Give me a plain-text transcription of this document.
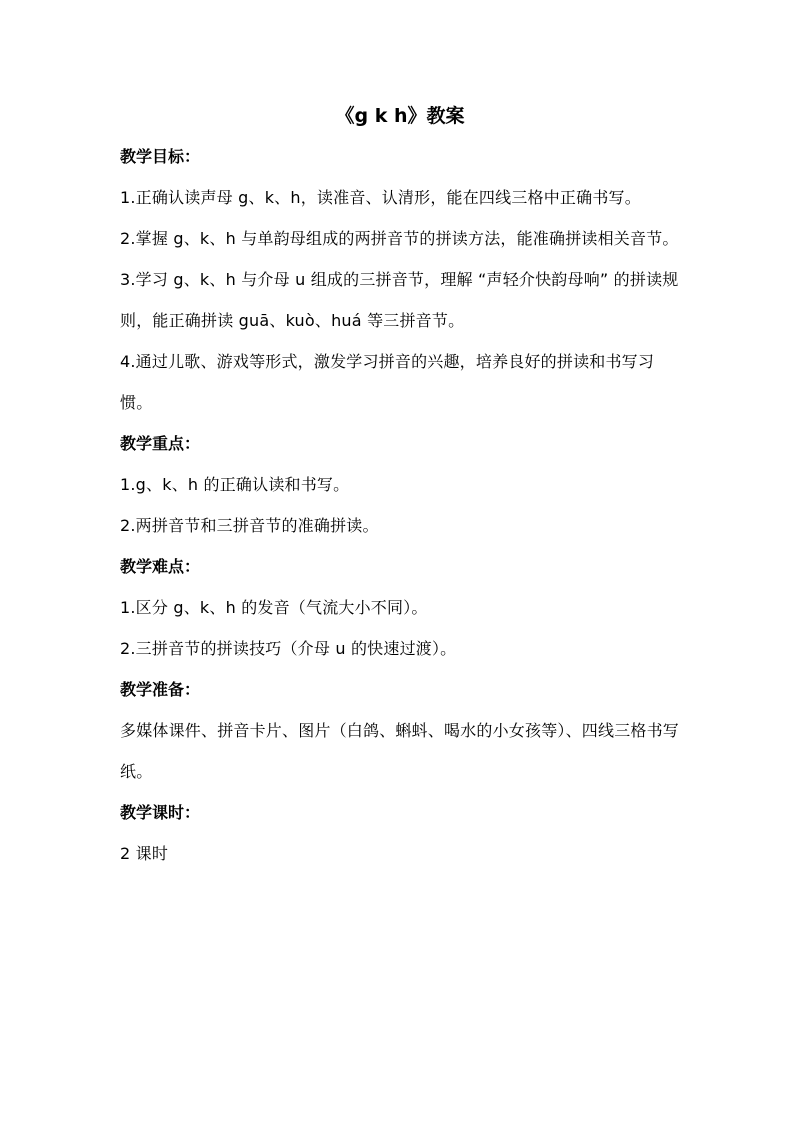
《g k h》教案

教学目标：

1.正确认读声母 g、k、h，读准音、认清形，能在四线三格中正确书写。

2.掌握 g、k、h 与单韵母组成的两拼音节的拼读方法，能准确拼读相关音节。

3.学习 g、k、h 与介母 u 组成的三拼音节，理解 “声轻介快韵母响” 的拼读规则，能正确拼读 guā、kuò、huá 等三拼音节。

4.通过儿歌、游戏等形式，激发学习拼音的兴趣，培养良好的拼读和书写习惯。

教学重点：

1.g、k、h 的正确认读和书写。

2.两拼音节和三拼音节的准确拼读。

教学难点：

1.区分 g、k、h 的发音（气流大小不同）。

2.三拼音节的拼读技巧（介母 u 的快速过渡）。

教学准备：

多媒体课件、拼音卡片、图片（白鸽、蝌蚪、喝水的小女孩等）、四线三格书写纸。

教学课时：

2 课时
